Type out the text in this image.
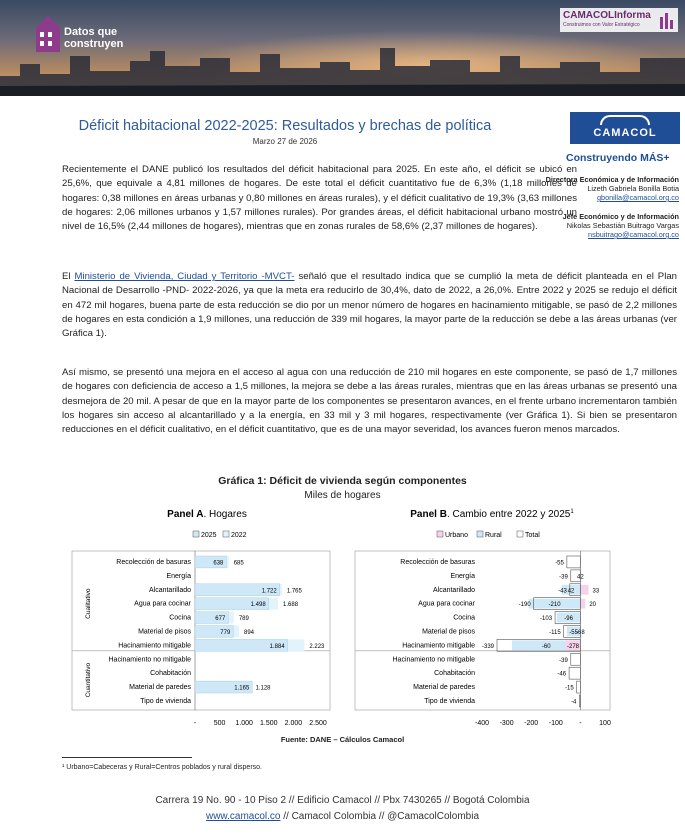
Datos que
construyen
CAMACOLInforma
Construimos con Valor Estratégico
Déficit habitacional 2022-2025: Resultados y brechas de política
Marzo 27 de 2026
CAMACOL
Construyendo MÁS+
Directora Económica y de Información
Lizeth Gabriela Bonilla Botia
gbonilla@camacol.org.co
Jefe Económico y de Información
Nikolas Sebastián Buitrago Vargas
nsbuitrago@camacol.org.co

Recientemente el DANE publicó los resultados del déficit habitacional para 2025. En este año, el déficit se ubicó en 25,6%, que equivale a 4,81 millones de hogares. De este total el déficit cuantitativo fue de 6,3% (1,18 millones de hogares: 0,38 millones en áreas urbanas y 0,80 millones en áreas rurales), y el déficit cualitativo de 19,3% (3,63 millones de hogares: 2,06 millones urbanos y 1,57 millones rurales). Por grandes áreas, el déficit habitacional urbano mostró un nivel de 16,5% (2,44 millones de hogares), mientras que en zonas rurales de 58,6% (2,37 millones de hogares).

El Ministerio de Vivienda, Ciudad y Territorio -MVCT- señaló que el resultado indica que se cumplió la meta de déficit planteada en el Plan Nacional de Desarrollo -PND- 2022-2026, ya que la meta era reducirlo de 30,4%, dato de 2022, a 26,0%. Entre 2022 y 2025 se redujo el déficit en 472 mil hogares, buena parte de esta reducción se dio por un menor número de hogares en hacinamiento mitigable, se pasó de 2,2 millones de hogares en esta condición a 1,9 millones, una reducción de 339 mil hogares, la mayor parte de la reducción se debe a las áreas urbanas (ver Gráfica 1).

Así mismo, se presentó una mejora en el acceso al agua con una reducción de 210 mil hogares en este componente, se pasó de 1,7 millones de hogares con deficiencia de acceso a 1,5 millones, la mejora se debe a las áreas rurales, mientras que en las áreas urbanas se presentó una desmejora de 20 mil. A pesar de que en la mayor parte de los componentes se presentaron avances, en el frente urbano incrementaron también los hogares sin acceso al alcantarillado y a la energía, en 33 mil y 3 mil hogares, respectivamente (ver Gráfica 1). Si bien se presentaron reducciones en el déficit cualitativo, en el déficit cuantitativo, que es de una mayor severidad, los avances fueron menos marcados.

Gráfica 1: Déficit de vivienda según componentes
Miles de hogares
Panel A. Hogares	Panel B. Cambio entre 2022 y 2025$^1$
2025 2022	Urbano Rural	Total
Cualitativo
Cuantitativo
Recolección de basuras	685
638
Energía
Alcantarillado	1.765
1.722
Agua para cocinar	1.688
1.498
Cocina	789
677
Material de pisos	894
779
Hacinamiento mitigable	2.223
1.884
Hacinamiento no mitigable
Cohabitación
Material de paredes	1.128
1.165
Tipo de vivienda
-	500 1.000 1.500 2.000 2.500
Recolección de basuras	-55
Energía	-39 42
Alcantarillado	-43 42	33
Agua para cocinar	-190	-210	20
Cocina	-103 -96
Material de pisos	-115 -55
-68
Hacinamiento mitigable -339	-60	-278
Hacinamiento no mitigable	-39
Cohabitación	-46
Material de paredes	-15
Tipo de vivienda	-4
-400 -300 -200 -100 -	100
Fuente: DANE – Cálculos Camacol
¹ Urbano=Cabeceras y Rural=Centros poblados y rural disperso.
Carrera 19 No. 90 - 10 Piso 2 // Edificio Camacol // Pbx 7430265 // Bogotá Colombia
www.camacol.co // Camacol Colombia // @CamacolColombia
